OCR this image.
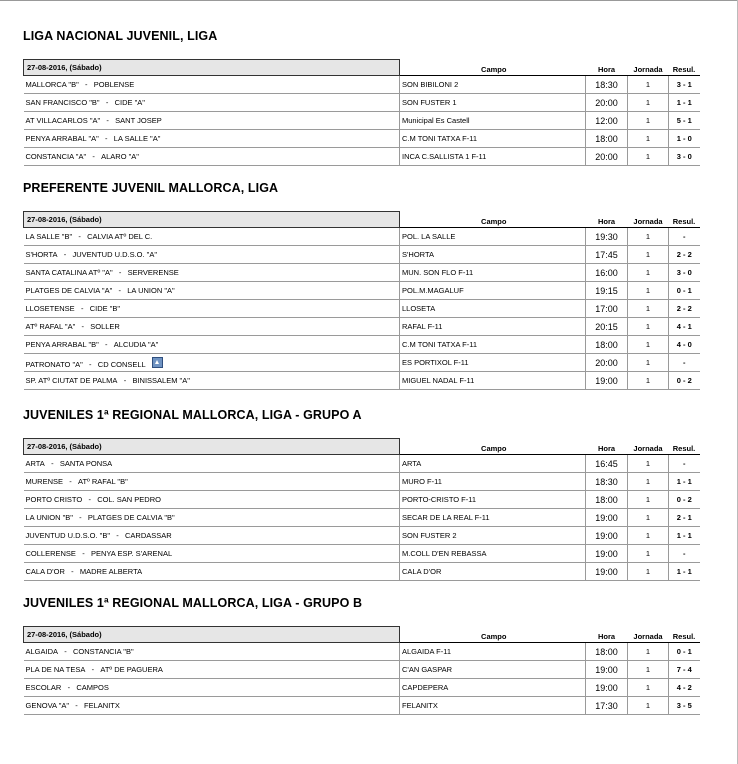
LIGA NACIONAL JUVENIL, LIGA
27-08-2016, (Sábado)	Campo	Hora	Jornada	Resul.
MALLORCA "B"   -   POBLENSE	SON BIBILONI 2	18:30	1	3 - 1
SAN FRANCISCO "B"   -   CIDE "A"	SON FUSTER 1	20:00	1	1 - 1
AT VILLACARLOS "A"   -   SANT JOSEP	Municipal Es Castell	12:00	1	5 - 1
PENYA ARRABAL "A"   -   LA SALLE "A"	C.M TONI TATXA F-11	18:00	1	1 - 0
CONSTANCIA "A"   -   ALARO "A"	INCA C.SALLISTA 1 F-11	20:00	1	3 - 0
PREFERENTE JUVENIL MALLORCA, LIGA
27-08-2016, (Sábado)	Campo	Hora	Jornada	Resul.
LA SALLE "B"   -   CALVIA ATº DEL C.	POL. LA SALLE	19:30	1	-
S'HORTA   -   JUVENTUD U.D.S.O. "A"	S'HORTA	17:45	1	2 - 2
SANTA CATALINA ATº "A"   -   SERVERENSE	MUN. SON FLO F-11	16:00	1	3 - 0
PLATGES DE CALVIA "A"   -   LA UNION "A"	POL.M.MAGALUF	19:15	1	0 - 1
LLOSETENSE   -   CIDE "B"	LLOSETA	17:00	1	2 - 2
ATº RAFAL "A"   -   SOLLER	RAFAL F-11	20:15	1	4 - 1
PENYA ARRABAL "B"   -   ALCUDIA "A"	C.M TONI TATXA F-11	18:00	1	4 - 0
PATRONATO "A"   -   CD CONSELL	ES PORTIXOL F-11	20:00	1	-
SP. ATº CIUTAT DE PALMA   -   BINISSALEM "A"	MIGUEL NADAL F-11	19:00	1	0 - 2
JUVENILES 1ª REGIONAL MALLORCA, LIGA - GRUPO A
27-08-2016, (Sábado)	Campo	Hora	Jornada	Resul.
ARTA   -   SANTA PONSA	ARTA	16:45	1	-
MURENSE   -   ATº RAFAL "B"	MURO F-11	18:30	1	1 - 1
PORTO CRISTO   -   COL. SAN PEDRO	PORTO-CRISTO F-11	18:00	1	0 - 2
LA UNION "B"   -   PLATGES DE CALVIA "B"	SECAR DE LA REAL F-11	19:00	1	2 - 1
JUVENTUD U.D.S.O. "B"   -   CARDASSAR	SON FUSTER 2	19:00	1	1 - 1
COLLERENSE   -   PENYA ESP. S'ARENAL	M.COLL D'EN REBASSA	19:00	1	-
CALA D'OR   -   MADRE ALBERTA	CALA D'OR	19:00	1	1 - 1
JUVENILES 1ª REGIONAL MALLORCA, LIGA - GRUPO B
27-08-2016, (Sábado)	Campo	Hora	Jornada	Resul.
ALGAIDA   -   CONSTANCIA "B"	ALGAIDA F-11	18:00	1	0 - 1
PLA DE NA TESA   -   ATº DE PAGUERA	C'AN GASPAR	19:00	1	7 - 4
ESCOLAR   -   CAMPOS	CAPDEPERA	19:00	1	4 - 2
GENOVA "A"   -   FELANITX	FELANITX	17:30	1	3 - 5
